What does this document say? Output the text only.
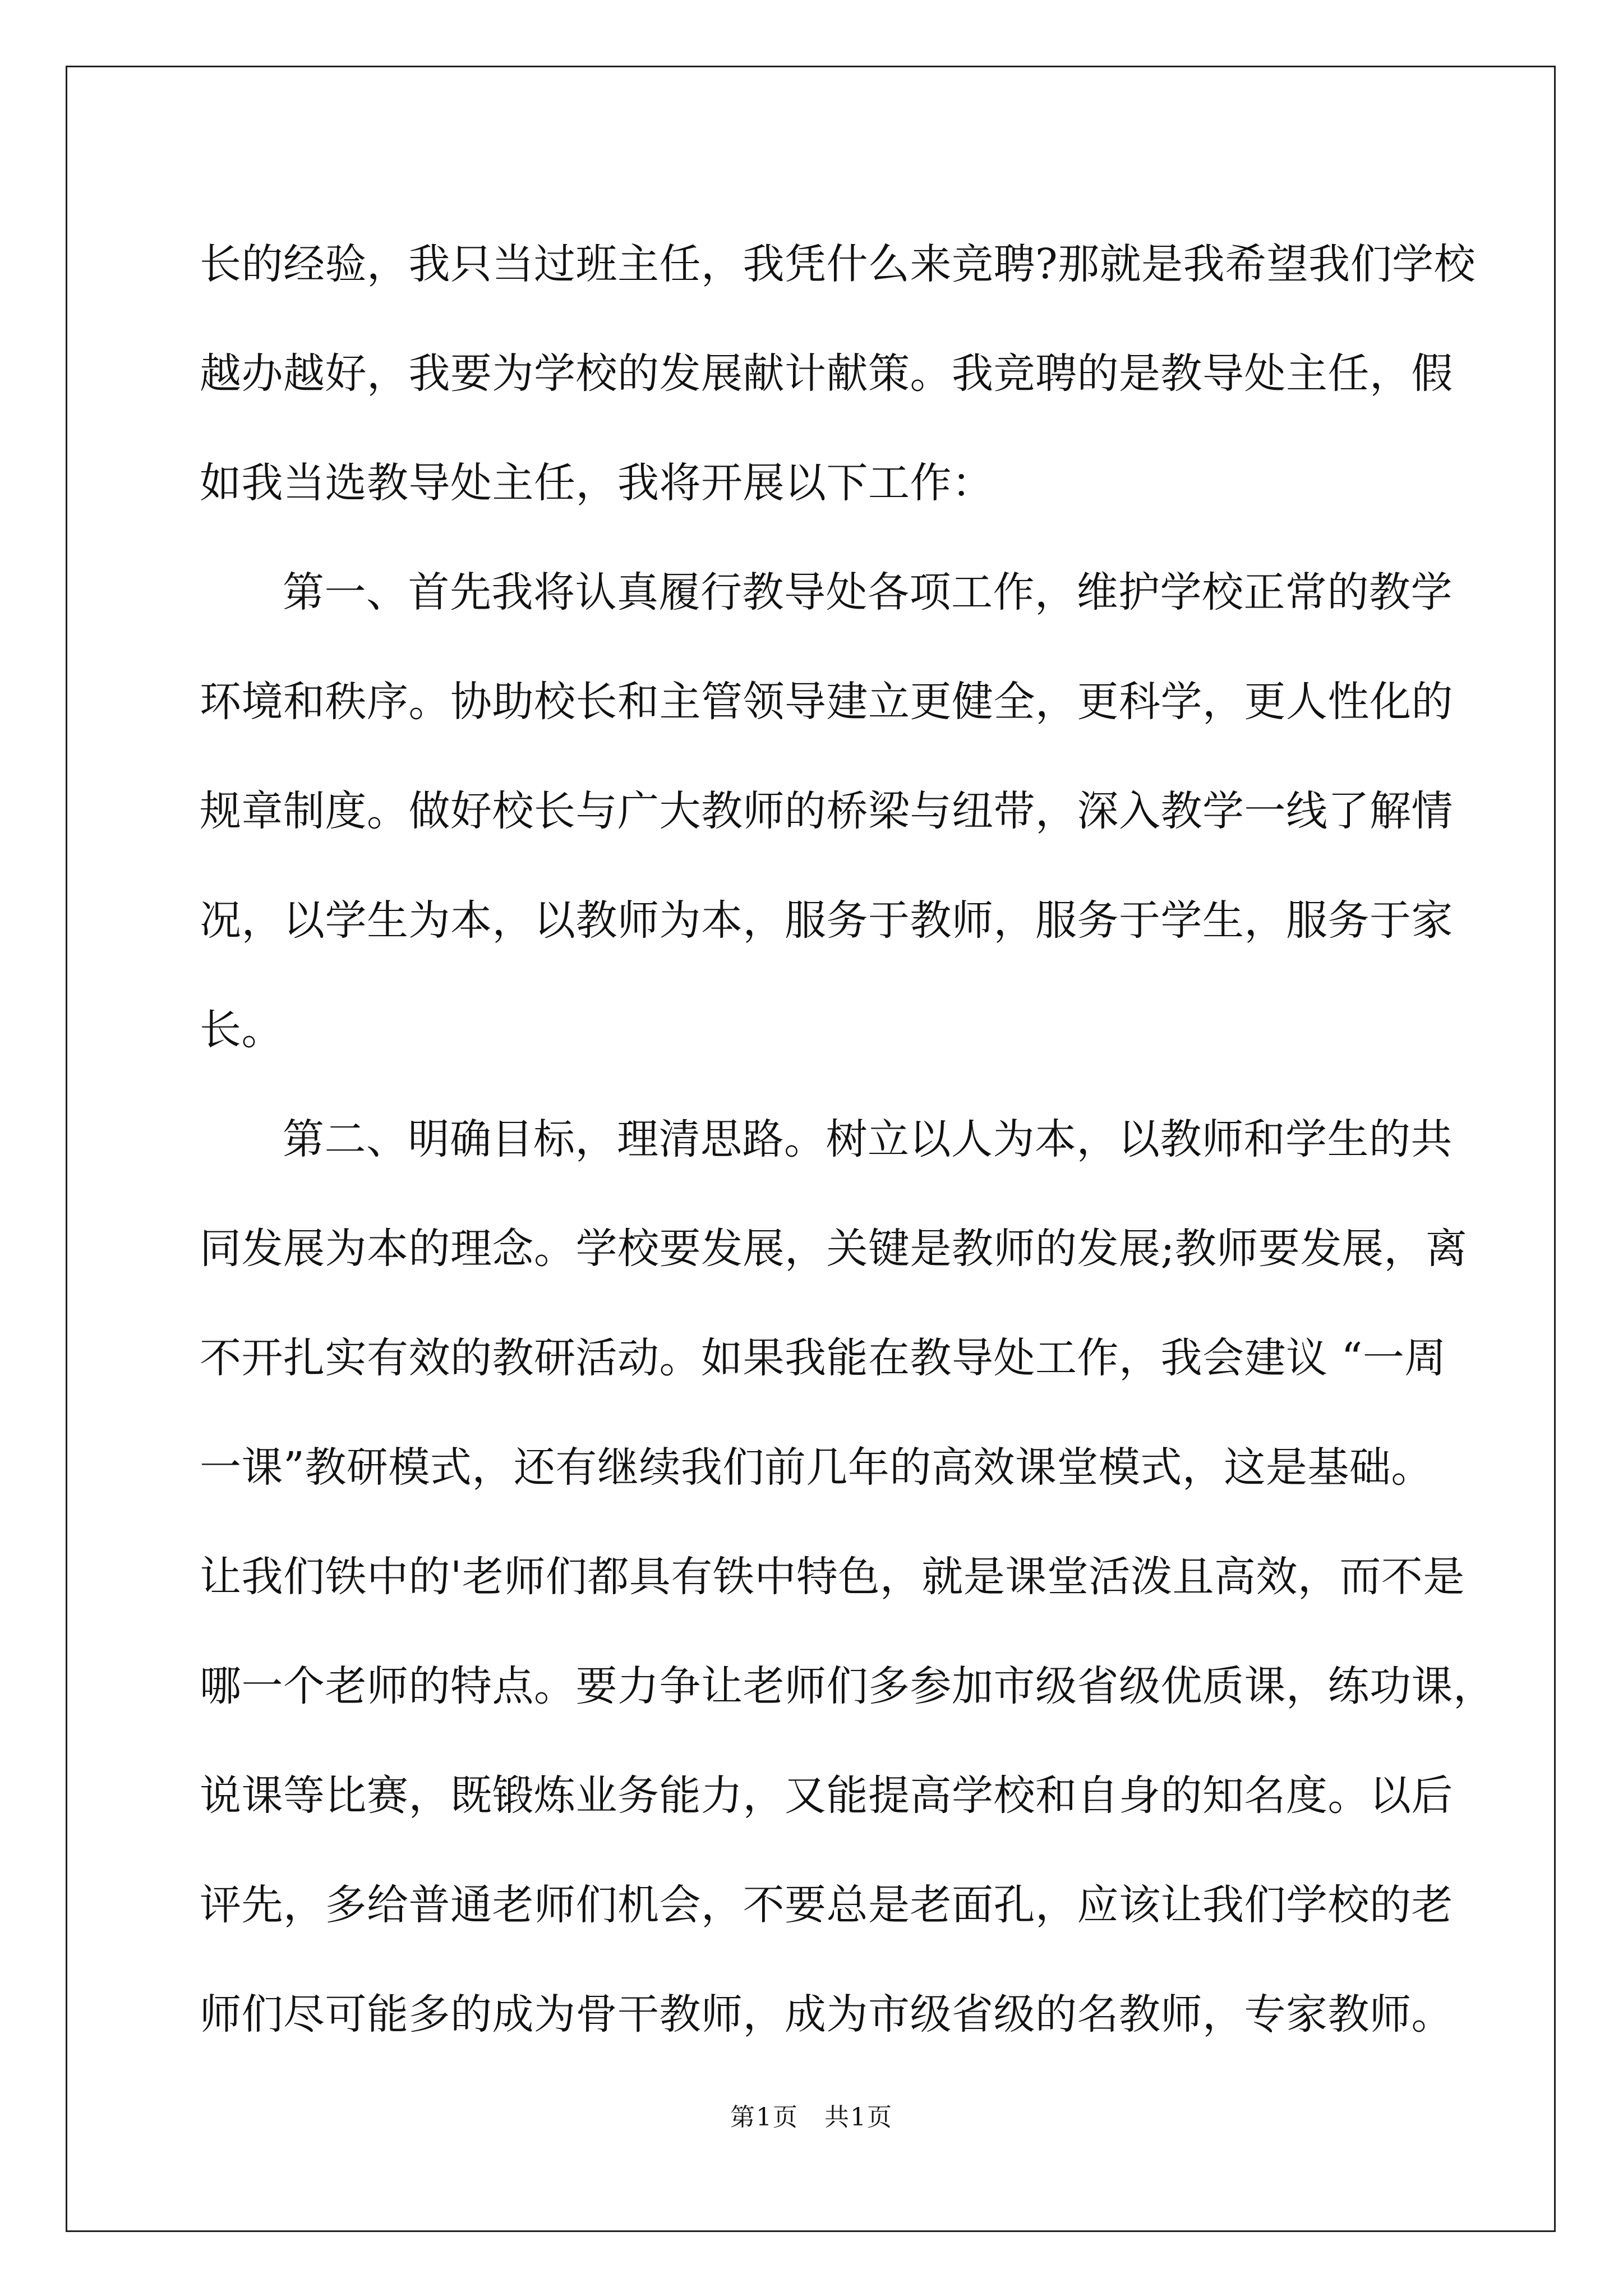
长的经验，我只当过班主任，我凭什么来竞聘?那就是我希望我们学校

越办越好，我要为学校的发展献计献策。我竞聘的是教导处主任，假

如我当选教导处主任，我将开展以下工作：

第一、首先我将认真履行教导处各项工作，维护学校正常的教学

环境和秩序。协助校长和主管领导建立更健全，更科学，更人性化的

规章制度。做好校长与广大教师的桥梁与纽带，深入教学一线了解情

况，以学生为本，以教师为本，服务于教师，服务于学生，服务于家

长。

第二、明确目标，理清思路。树立以人为本，以教师和学生的共

同发展为本的理念。学校要发展，关键是教师的发展;教师要发展，离

不开扎实有效的教研活动。如果我能在教导处工作，我会建议 “一周

一课”教研模式，还有继续我们前几年的高效课堂模式，这是基础。

让我们铁中的'老师们都具有铁中特色，就是课堂活泼且高效，而不是

哪一个老师的特点。要力争让老师们多参加市级省级优质课，练功课，

说课等比赛，既锻炼业务能力，又能提高学校和自身的知名度。以后

评先，多给普通老师们机会，不要总是老面孔，应该让我们学校的老

师们尽可能多的成为骨干教师，成为市级省级的名教师，专家教师。

第1页　共1页
